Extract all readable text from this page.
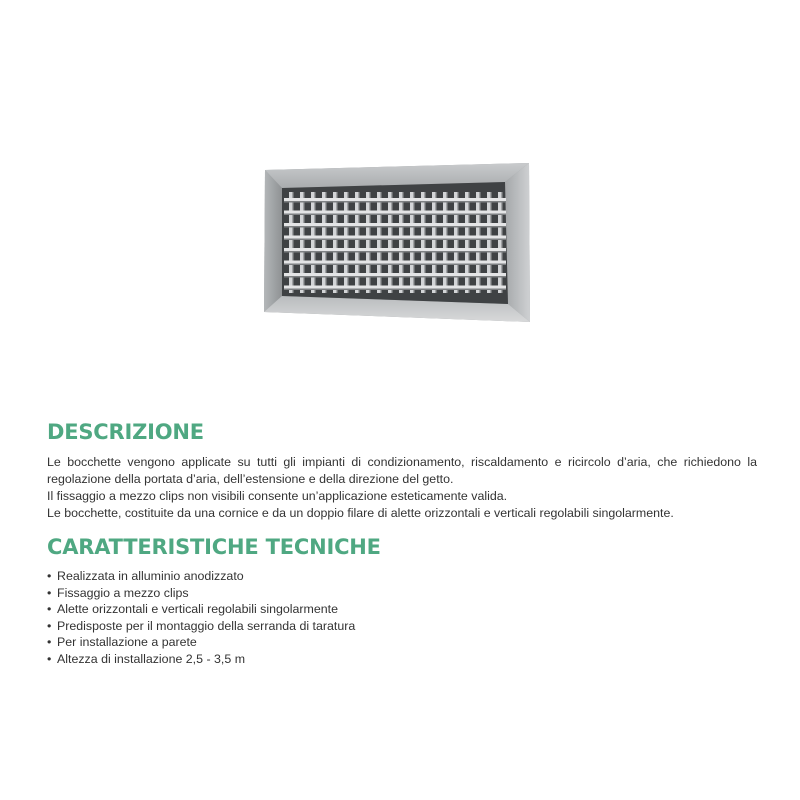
DESCRIZIONE

Le bocchette vengono applicate su tutti gli impianti di condizionamento, riscaldamento e ricircolo d’aria, che richiedono la regolazione della portata d’aria, dell’estensione e della direzione del getto.

Il fissaggio a mezzo clips non visibili consente un’applicazione esteticamente valida.

Le bocchette, costituite da una cornice e da un doppio filare di alette orizzontali e verticali regolabili singolarmente.

CARATTERISTICHE TECNICHE
• Realizzata in alluminio anodizzato
• Fissaggio a mezzo clips
• Alette orizzontali e verticali regolabili singolarmente
• Predisposte per il montaggio della serranda di taratura
• Per installazione a parete
• Altezza di installazione 2,5 - 3,5 m
